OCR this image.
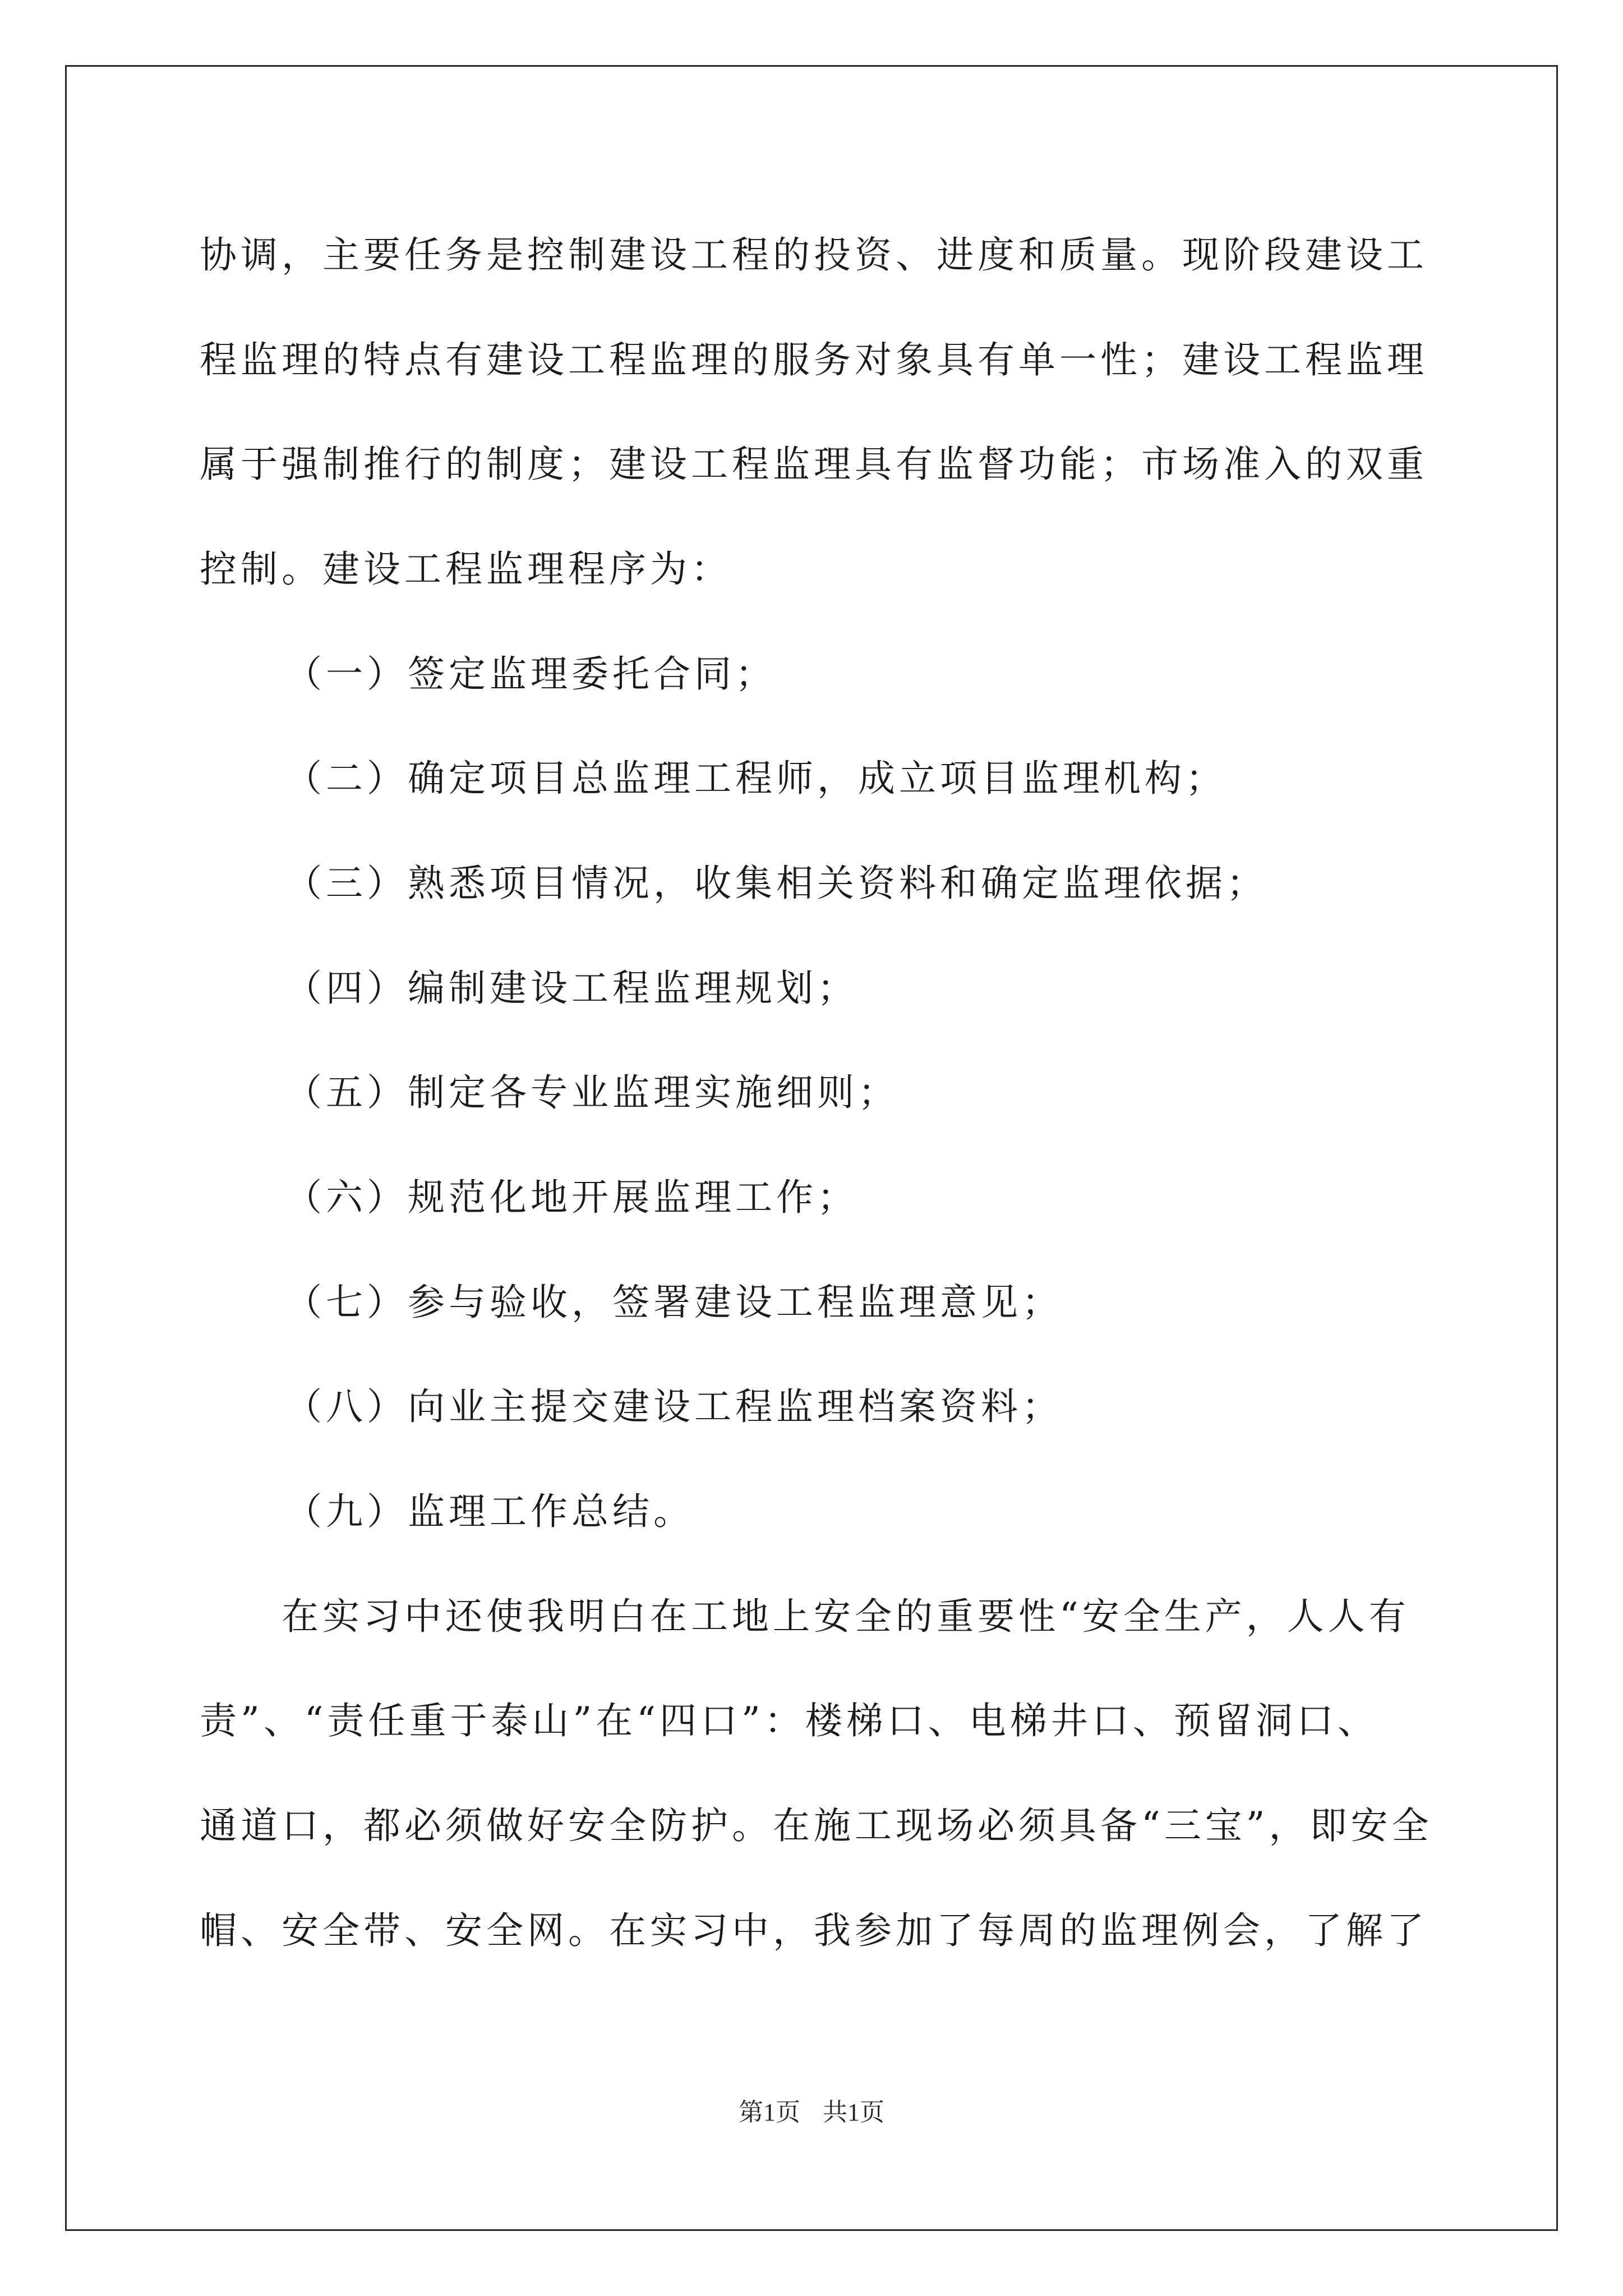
协调，主要任务是控制建设工程的投资、进度和质量。现阶段建设工
程监理的特点有建设工程监理的服务对象具有单一性；建设工程监理
属于强制推行的制度；建设工程监理具有监督功能；市场准入的双重
控制。建设工程监理程序为：
（一）签定监理委托合同；
（二）确定项目总监理工程师，成立项目监理机构；
（三）熟悉项目情况，收集相关资料和确定监理依据；
（四）编制建设工程监理规划；
（五）制定各专业监理实施细则；
（六）规范化地开展监理工作；
（七）参与验收，签署建设工程监理意见；
（八）向业主提交建设工程监理档案资料；
（九）监理工作总结。
在实习中还使我明白在工地上安全的重要性“安全生产，人人有
责”、“责任重于泰山”在“四口”：楼梯口、电梯井口、预留洞口、
通道口，都必须做好安全防护。在施工现场必须具备“三宝”，即安全
帽、安全带、安全网。在实习中，我参加了每周的监理例会，了解了
第1页 共1页
